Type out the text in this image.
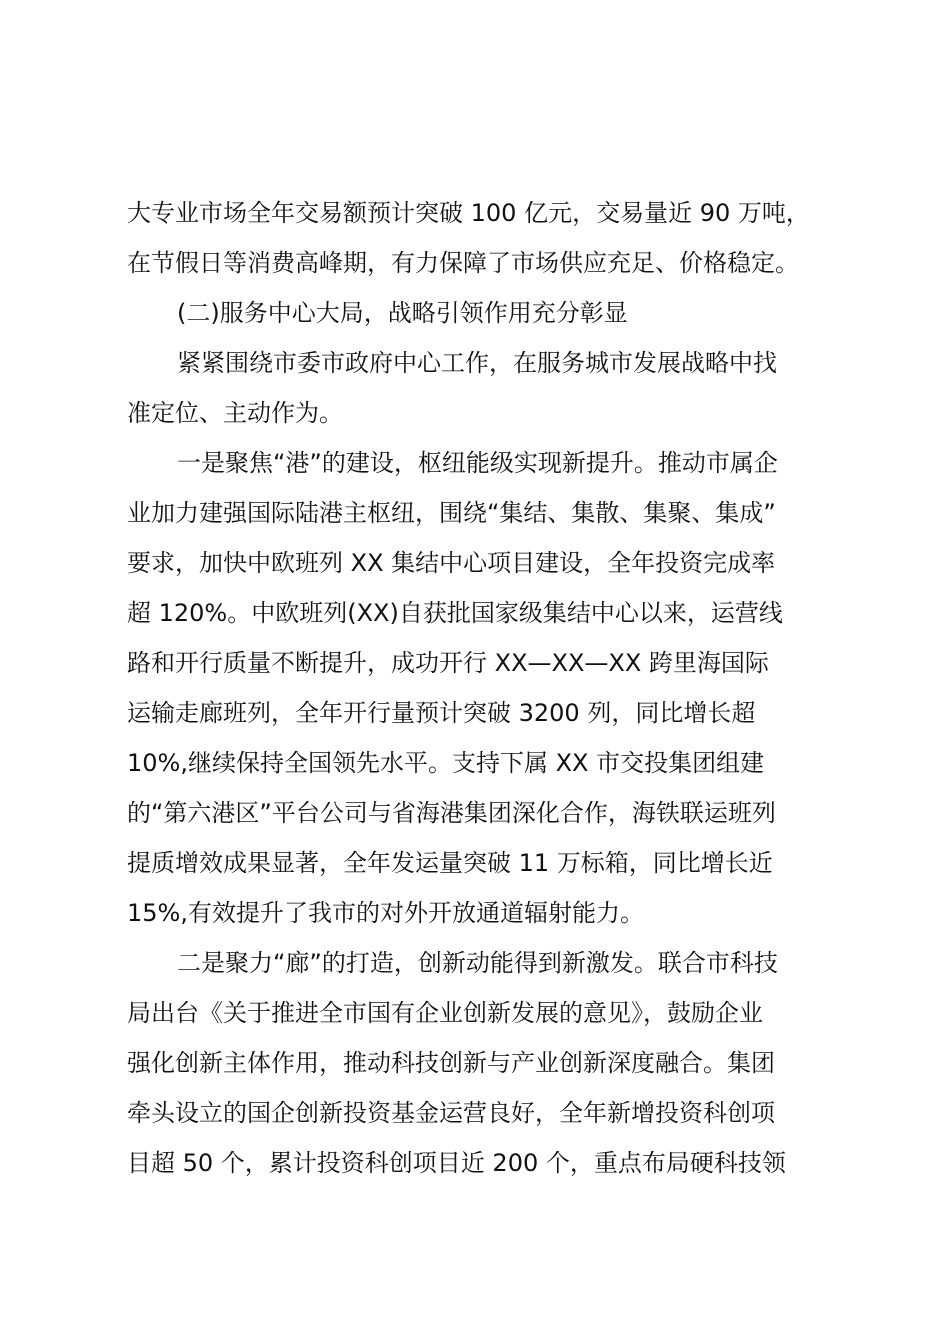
大专业市场全年交易额预计突破 100 亿元，交易量近 90 万吨，
在节假日等消费高峰期，有力保障了市场供应充足、价格稳定。
(二)服务中心大局，战略引领作用充分彰显
紧紧围绕市委市政府中心工作，在服务城市发展战略中找
准定位、主动作为。
一是聚焦“港”的建设，枢纽能级实现新提升。推动市属企
业加力建强国际陆港主枢纽，围绕“集结、集散、集聚、集成”
要求，加快中欧班列 XX 集结中心项目建设，全年投资完成率
超 120%。中欧班列(XX)自获批国家级集结中心以来，运营线
路和开行质量不断提升，成功开行 XX—XX—XX 跨里海国际
运输走廊班列，全年开行量预计突破 3200 列，同比增长超
10%,继续保持全国领先水平。支持下属 XX 市交投集团组建
的“第六港区”平台公司与省海港集团深化合作，海铁联运班列
提质增效成果显著，全年发运量突破 11 万标箱，同比增长近
15%,有效提升了我市的对外开放通道辐射能力。
二是聚力“廊”的打造，创新动能得到新激发。联合市科技
局出台《关于推进全市国有企业创新发展的意见》，鼓励企业
强化创新主体作用，推动科技创新与产业创新深度融合。集团
牵头设立的国企创新投资基金运营良好，全年新增投资科创项
目超 50 个，累计投资科创项目近 200 个，重点布局硬科技领
